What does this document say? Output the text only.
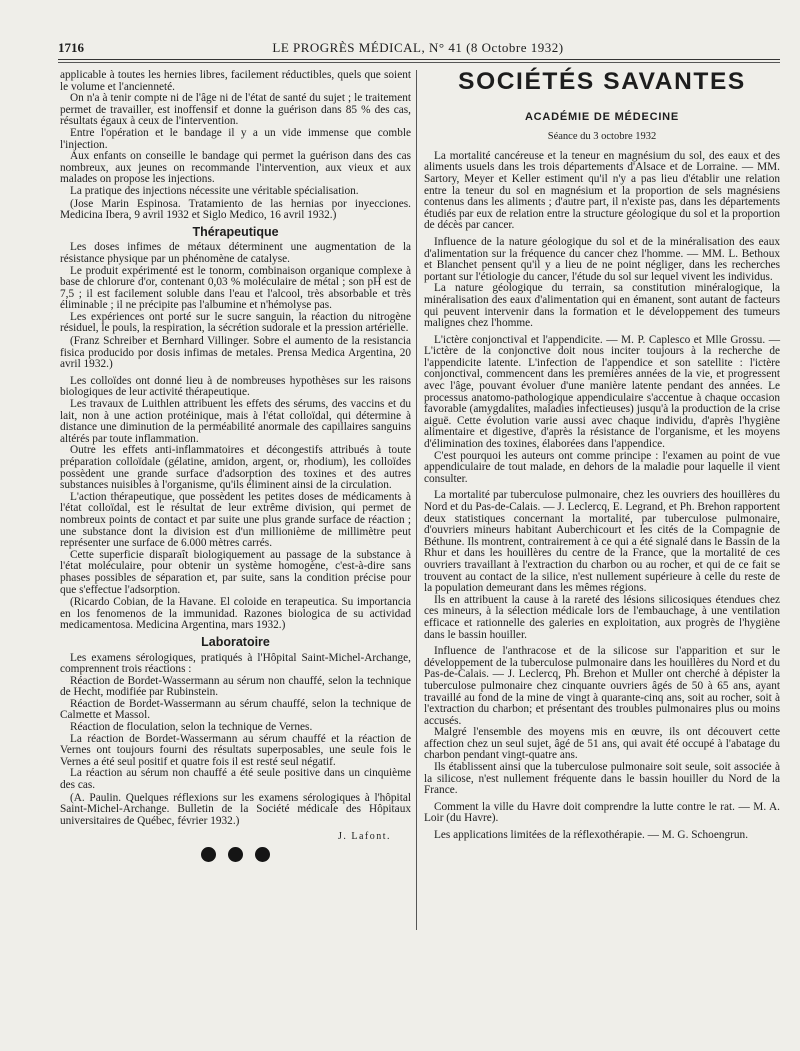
1716	LE PROGRÈS MÉDICAL, N° 41 (8 Octobre 1932)

applicable à toutes les hernies libres, facilement réductibles, quels que soient le volume et l'ancienneté.

On n'a à tenir compte ni de l'âge ni de l'état de santé du sujet ; le traitement permet de travailler, est inoffensif et donne la guérison dans 85 % des cas, résultats égaux à ceux de l'intervention.

Entre l'opération et le bandage il y a un vide immense que comble l'injection.

Aux enfants on conseille le bandage qui permet la guérison dans des cas nombreux, aux jeunes on recommande l'intervention, aux vieux et aux malades on propose les injections.

La pratique des injections nécessite une véritable spécialisation.

(Jose Marin Espinosa. Tratamiento de las hernias por inyecciones. Medicina Ibera, 9 avril 1932 et Siglo Medico, 16 avril 1932.)

Thérapeutique

Les doses infimes de métaux déterminent une augmentation de la résistance physique par un phénomène de catalyse.

Le produit expérimenté est le tonorm, combinaison organique complexe à base de chlorure d'or, contenant 0,03 % moléculaire de métal ; son pH est de 7,5 ; il est facilement soluble dans l'eau et l'alcool, très absorbable et très éliminable ; il ne précipite pas l'albumine et n'hémolyse pas.

Les expériences ont porté sur le sucre sanguin, la réaction du nitrogène résiduel, le pouls, la respiration, la sécrétion sudorale et la pression artérielle.

(Franz Schreiber et Bernhard Villinger. Sobre el aumento de la resistancia fisica producido por dosis infimas de metales. Prensa Medica Argentina, 20 avril 1932.)

Les colloïdes ont donné lieu à de nombreuses hypothèses sur les raisons biologiques de leur activité thérapeutique.

Les travaux de Luithlen attribuent les effets des sérums, des vaccins et du lait, non à une action protéinique, mais à l'état colloïdal, qui détermine à distance une diminution de la perméabilité anormale des capillaires sanguins altérés par toute inflammation.

Outre les effets anti-inflammatoires et décongestifs attribués à toute préparation colloïdale (gélatine, amidon, argent, or, rhodium), les colloïdes possèdent une grande surface d'adsorption des toxines et des autres substances nuisibles à l'organisme, qu'ils éliminent ainsi de la circulation.

L'action thérapeutique, que possèdent les petites doses de médicaments à l'état colloïdal, est le résultat de leur extrême division, qui permet de nombreux points de contact et par suite une plus grande surface de réaction ; une substance dont la division est d'un millionième de millimètre peut représenter une surface de 6.000 mètres carrés.

Cette superficie disparaît biologiquement au passage de la substance à l'état moléculaire, pour obtenir un système homogène, c'est-à-dire sans phases possibles de séparation et, par suite, sans la condition précise pour que s'effectue l'adsorption.

(Ricardo Cobian, de la Havane. El coloide en terapeutica. Su importancia en los fenomenos de la immunidad. Razones biologica de su actividad medicamentosa. Medicina Argentina, mars 1932.)

Laboratoire

Les examens sérologiques, pratiqués à l'Hôpital Saint-Michel-Archange, comprennent trois réactions :

Réaction de Bordet-Wassermann au sérum non chauffé, selon la technique de Hecht, modifiée par Rubinstein.

Réaction de Bordet-Wassermann au sérum chauffé, selon la technique de Calmette et Massol.

Réaction de floculation, selon la technique de Vernes.

La réaction de Bordet-Wassermann au sérum chauffé et la réaction de Vernes ont toujours fourni des résultats superposables, une seule fois le Vernes a été seul positif et quatre fois il est resté seul négatif.

La réaction au sérum non chauffé a été seule positive dans un cinquième des cas.

(A. Paulin. Quelques réflexions sur les examens sérologiques à l'hôpital Saint-Michel-Archange. Bulletin de la Société médicale des Hôpitaux universitaires de Québec, février 1932.)

J. Lafont.
SOCIÉTÉS SAVANTES
ACADÉMIE DE MÉDECINE
Séance du 3 octobre 1932

La mortalité cancéreuse et la teneur en magnésium du sol, des eaux et des aliments usuels dans les trois départements d'Alsace et de Lorraine. — MM. Sartory, Meyer et Keller estiment qu'il n'y a pas lieu d'établir une relation entre la teneur du sol en magnésium et la proportion de sels magnésiens contenus dans les aliments ; d'autre part, il n'existe pas, dans les départements étudiés par eux de relation entre la structure géologique du sol et la proportion de décès par cancer.

Influence de la nature géologique du sol et de la minéralisation des eaux d'alimentation sur la fréquence du cancer chez l'homme. — MM. L. Bethoux et Blanchet pensent qu'il y a lieu de ne point négliger, dans les recherches portant sur l'étiologie du cancer, l'étude du sol sur lequel vivent les individus.

La nature géologique du terrain, sa constitution minéralogique, la minéralisation des eaux d'alimentation qui en émanent, sont autant de facteurs qui peuvent intervenir dans la formation et le développement des tumeurs malignes chez l'homme.

L'ictère conjonctival et l'appendicite. — M. P. Caplesco et Mlle Grossu. — L'ictère de la conjonctive doit nous inciter toujours à la recherche de l'appendicite latente. L'infection de l'appendice et son satellite : l'ictère conjonctival, commencent dans les premières années de la vie, et progressent avec l'âge, pouvant évoluer d'une manière latente pendant des années. Le processus anatomo-pathologique appendiculaire s'accentue à chaque occasion favorable (amygdalites, maladies infectieuses) jusqu'à la production de la crise aiguë. Cette évolution varie aussi avec chaque individu, d'après l'hygiène alimentaire et digestive, d'après la résistance de l'organisme, et les moyens d'élimination des toxines, élaborées dans l'appendice.

C'est pourquoi les auteurs ont comme principe : l'examen au point de vue appendiculaire de tout malade, en dehors de la maladie pour laquelle il vient consulter.

La mortalité par tuberculose pulmonaire, chez les ouvriers des houillères du Nord et du Pas-de-Calais. — J. Leclercq, E. Legrand, et Ph. Brehon rapportent deux statistiques concernant la mortalité, par tuberculose pulmonaire, d'ouvriers mineurs habitant Auberchicourt et les cités de la Compagnie de Béthune. Ils montrent, contrairement à ce qui a été signalé dans le Bassin de la Rhur et dans les houillères du centre de la France, que la mortalité de ces ouvriers travaillant à l'extraction du charbon ou au rocher, et qui de ce fait se trouvent au contact de la silice, n'est nullement supérieure à celle du reste de la population demeurant dans les mêmes régions.

Ils en attribuent la cause à la rareté des lésions silicosiques étendues chez ces mineurs, à la sélection médicale lors de l'embauchage, à une ventilation efficace et rationnelle des galeries en exploitation, aux progrès de l'hygiène dans le bassin houiller.

Influence de l'anthracose et de la silicose sur l'apparition et sur le développement de la tuberculose pulmonaire dans les houillères du Nord et du Pas-de-Calais. — J. Leclercq, Ph. Brehon et Muller ont cherché à dépister la tuberculose pulmonaire chez cinquante ouvriers âgés de 50 à 65 ans, ayant travaillé au fond de la mine de vingt à quarante-cinq ans, soit au rocher, soit à l'extraction du charbon; et présentant des troubles pulmonaires plus ou moins accusés.

Malgré l'ensemble des moyens mis en œuvre, ils ont découvert cette affection chez un seul sujet, âgé de 51 ans, qui avait été occupé à l'abatage du charbon pendant vingt-quatre ans.

Ils établissent ainsi que la tuberculose pulmonaire soit seule, soit associée à la silicose, n'est nullement fréquente dans le bassin houiller du Nord de la France.

Comment la ville du Havre doit comprendre la lutte contre le rat. — M. A. Loir (du Havre).

Les applications limitées de la réflexothérapie. — M. G. Schoengrun.
